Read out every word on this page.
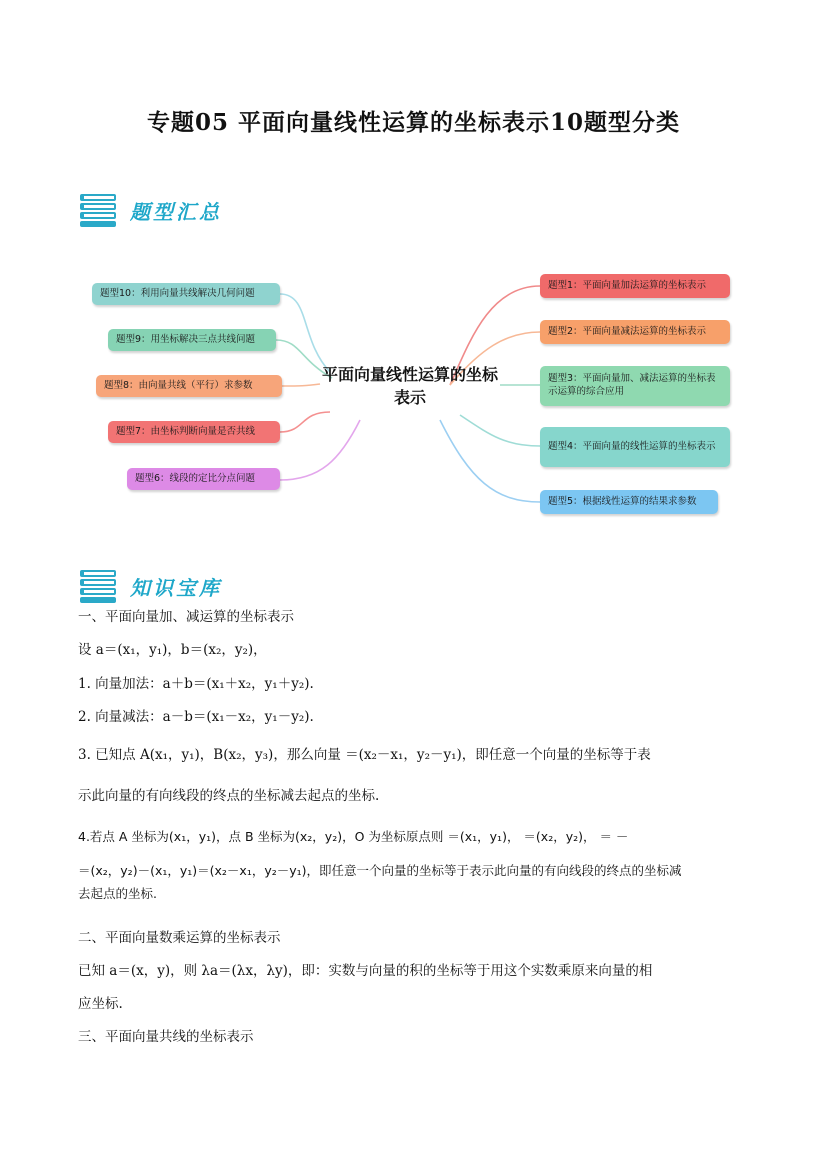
专题05 平面向量线性运算的坐标表示10题型分类
题型汇总
题型10：利用向量共线解决几何问题
题型9：用坐标解决三点共线问题
题型8：由向量共线（平行）求参数
题型7：由坐标判断向量是否共线
题型6：线段的定比分点问题
平面向量线性运算的坐标表示
题型1：平面向量加法运算的坐标表示
题型2：平面向量减法运算的坐标表示
题型3：平面向量加、减法运算的坐标表示运算的综合应用
题型4：平面向量的线性运算的坐标表示
题型5：根据线性运算的结果求参数
知识宝库
一、平面向量加、减运算的坐标表示
设 a＝(x₁，y₁)，b＝(x₂，y₂)，
1. 向量加法：a＋b＝(x₁＋x₂，y₁＋y₂).
2. 向量减法：a－b＝(x₁－x₂，y₁－y₂).
3. 已知点 A(x₁，y₁)，B(x₂，y₃)，那么向量 ＝(x₂－x₁，y₂－y₁)，即任意一个向量的坐标等于表
示此向量的有向线段的终点的坐标减去起点的坐标.
4.若点 A 坐标为(x₁，y₁)，点 B 坐标为(x₂，y₂)，O 为坐标原点则 ＝(x₁，y₁)， ＝(x₂，y₂)， ＝ －
＝(x₂，y₂)－(x₁，y₁)＝(x₂－x₁，y₂－y₁)，即任意一个向量的坐标等于表示此向量的有向线段的终点的坐标减
去起点的坐标.
二、平面向量数乘运算的坐标表示
已知 a＝(x，y)，则 λa＝(λx，λy)，即：实数与向量的积的坐标等于用这个实数乘原来向量的相
应坐标.
三、平面向量共线的坐标表示
